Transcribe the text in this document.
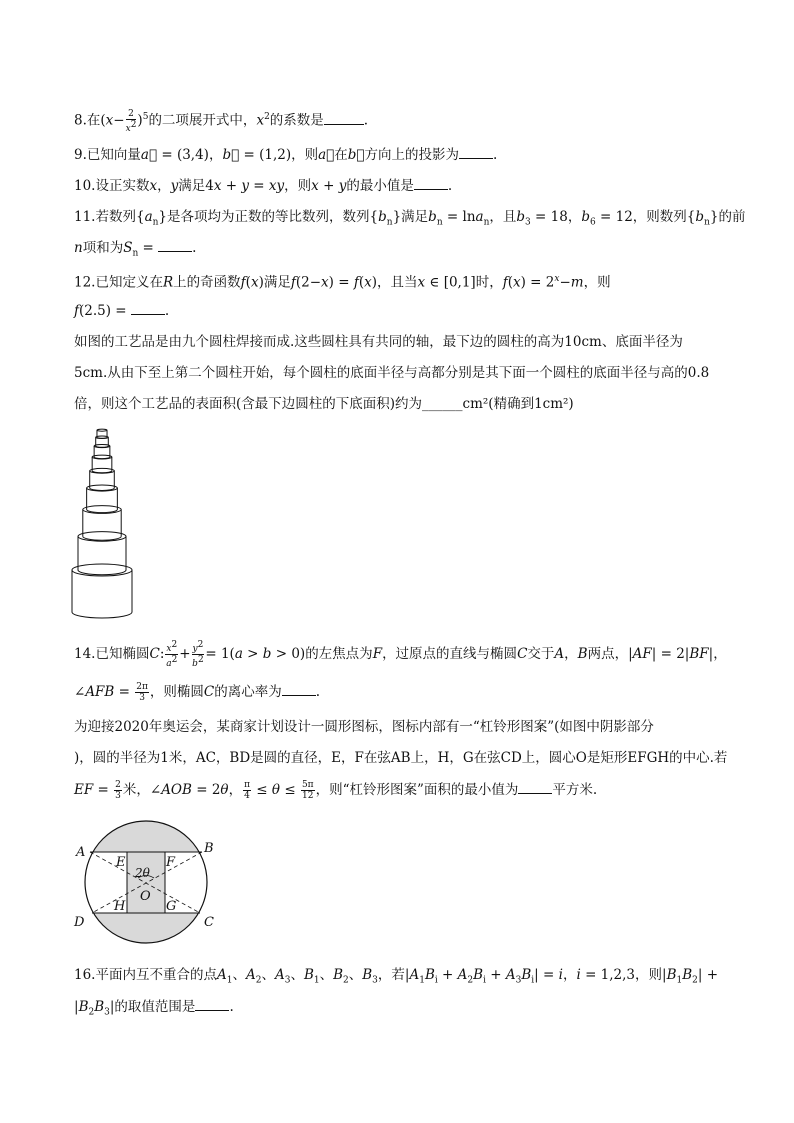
8.在$(x- \frac{2}{x^2} )^5$的二项展开式中，$x^2$的系数是	.
9.已知向量a⃗ = (3,4)，b⃗ = (1,2)，则a⃗在b⃗方向上的投影为	.
10.设正实数x，y满足4x + y = xy，则x + y的最小值是	.
11.若数列$\{a_n\}$是各项均为正数的等比数列，数列$\{b_n\}$满足$b_n = \ln a_n$，且$b_3 = 18$，$b_6 = 12$，则数列$\{b_n\}$的前
n项和为$S_n$ =	.
12.已知定义在R上的奇函数f(x)满足f(2−x) = f(x)，且当x ∈ [0,1]时，$f(x) = 2^x-m$，则
f(2.5) =	.
如图的工艺品是由九个圆柱焊接而成.这些圆柱具有共同的轴，最下边的圆柱的高为10cm、底面半径为
5cm.从由下至上第二个圆柱开始，每个圆柱的底面半径与高都分别是其下面一个圆柱的底面半径与高的0.8
倍，则这个工艺品的表面积(含最下边圆柱的下底面积)约为______cm²(精确到1cm²)
14.已知椭圆C: $\frac{x^2}{a^2} + \frac{y^2}{b^2} = 1(a > b > 0)$的左焦点为F，过原点的直线与椭圆C交于A，B两点，|AF| = 2|BF|，
∠AFB = $\frac{2\pi}{3}$ ，则椭圆C的离心率为	.
为迎接2020年奥运会，某商家计划设计一圆形图标，图标内部有一“杠铃形图案”(如图中阴影部分
)，圆的半径为1米，AC，BD是圆的直径，E，F在弦AB上，H，G在弦CD上，圆心O是矩形EFGH的中心.若
EF = $\frac{2}{3}$ 米，∠AOB = 2θ， $\frac{\pi}{4} \le \theta \le \frac{5\pi}{12}$ ，则“杠铃形图案”面积的最小值为	平方米.
A	B
C
D
E	F
G
H
O
2θ
16.平面内互不重合的点$A_1$、$A_2$、$A_3$、$B_1$、$B_2$、$B_3$，若$|A_1B_i + A_2B_i + A_3B_i| = i$，i = 1,2,3，则$|B_1B_2|$ +
$|B_2B_3|$的取值范围是	.
